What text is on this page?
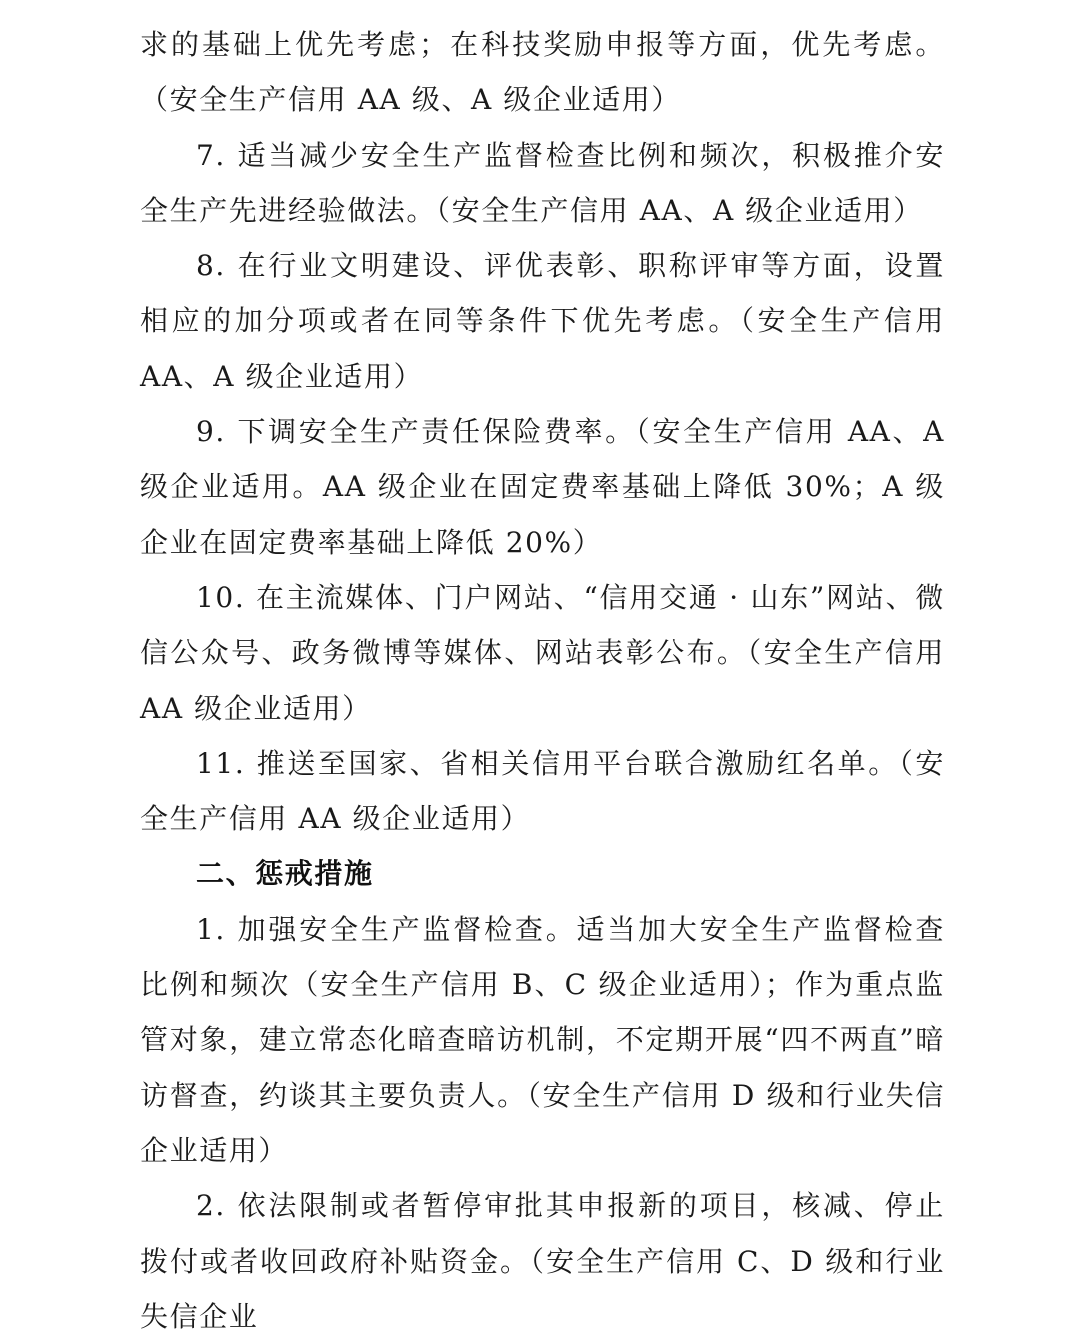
求的基础上优先考虑；在科技奖励申报等方面，优先考虑。（安全生产信用 AA 级、A 级企业适用）

7. 适当减少安全生产监督检查比例和频次，积极推介安全生产先进经验做法。（安全生产信用 AA、A 级企业适用）

8. 在行业文明建设、评优表彰、职称评审等方面，设置相应的加分项或者在同等条件下优先考虑。（安全生产信用 AA、A 级企业适用）

9. 下调安全生产责任保险费率。（安全生产信用 AA、A 级企业适用。AA 级企业在固定费率基础上降低 30%；A 级企业在固定费率基础上降低 20%）

10. 在主流媒体、门户网站、“信用交通 · 山东”网站、微信公众号、政务微博等媒体、网站表彰公布。（安全生产信用 AA 级企业适用）

11. 推送至国家、省相关信用平台联合激励红名单。（安全生产信用 AA 级企业适用）

二、惩戒措施

1. 加强安全生产监督检查。适当加大安全生产监督检查比例和频次（安全生产信用 B、C 级企业适用）；作为重点监管对象，建立常态化暗查暗访机制，不定期开展“四不两直”暗访督查，约谈其主要负责人。（安全生产信用 D 级和行业失信企业适用）

2. 依法限制或者暂停审批其申报新的项目，核减、停止拨付或者收回政府补贴资金。（安全生产信用 C、D 级和行业失信企业
